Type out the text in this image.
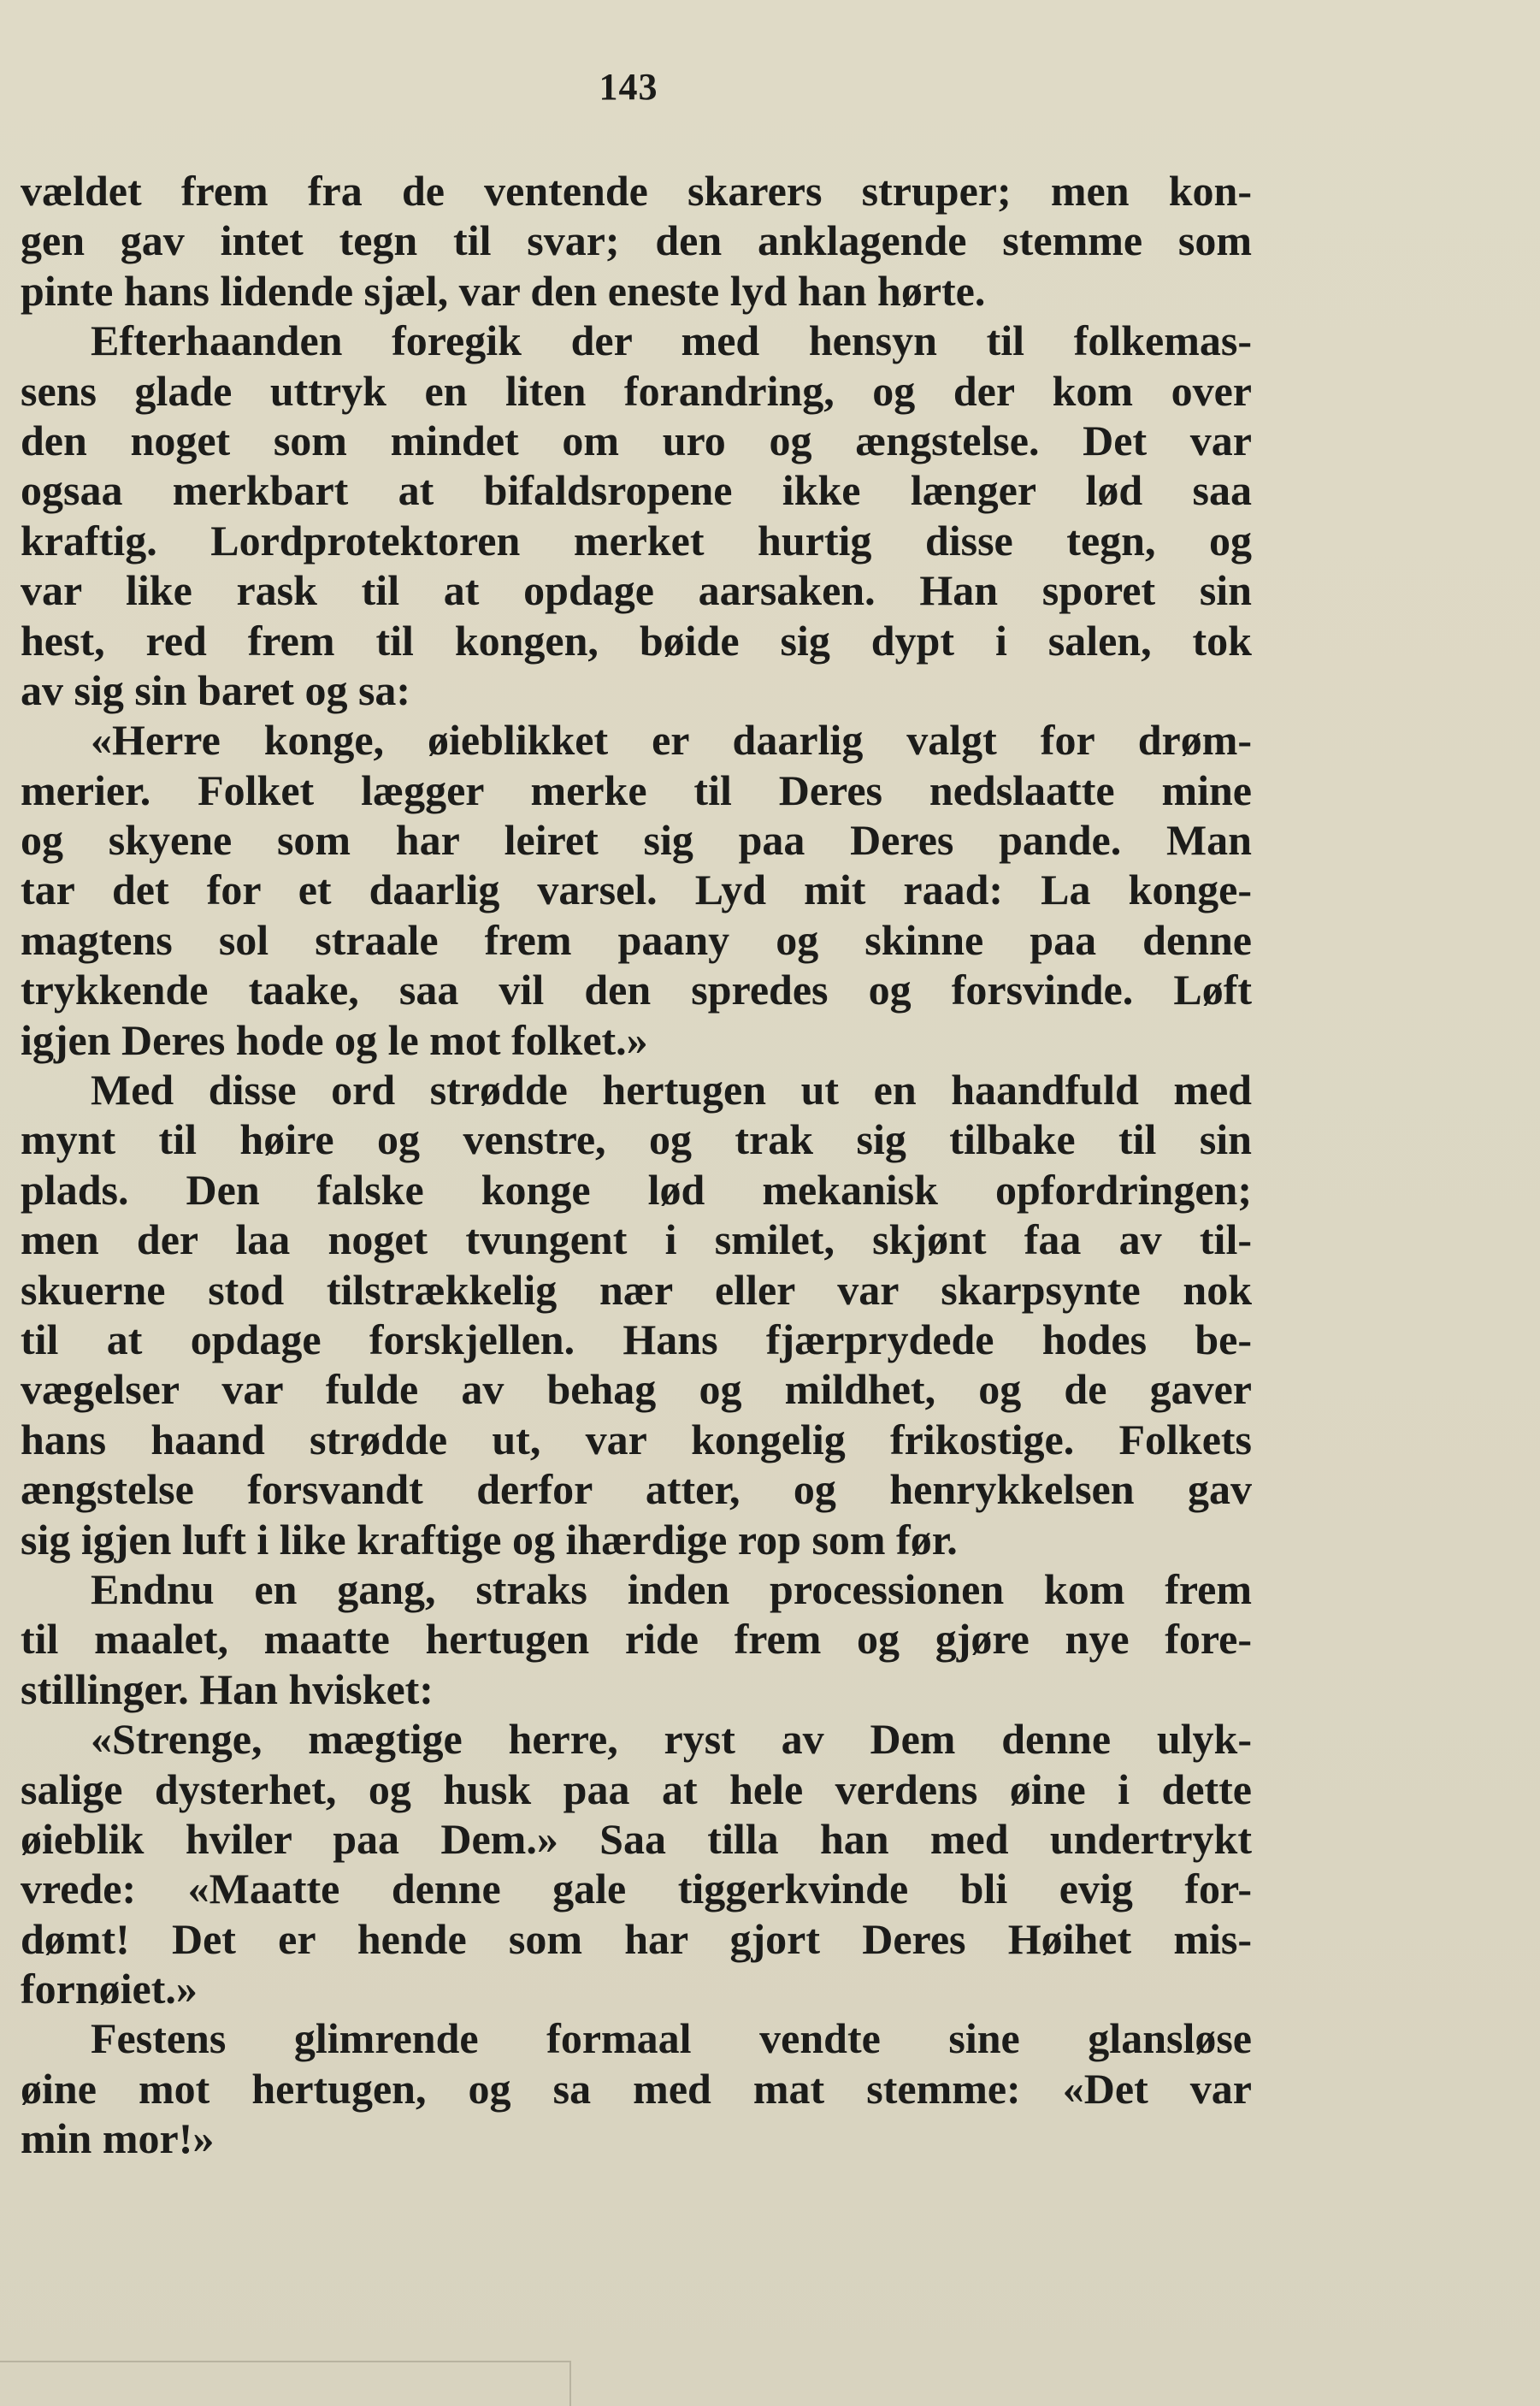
143
vældet frem fra de ventende skarers struper; men kon-
gen gav intet tegn til svar; den anklagende stemme som
pinte hans lidende sjæl, var den eneste lyd han hørte.
Efterhaanden foregik der med hensyn til folkemas-
sens glade uttryk en liten forandring, og der kom over
den noget som mindet om uro og ængstelse. Det var
ogsaa merkbart at bifaldsropene ikke længer lød saa
kraftig. Lordprotektoren merket hurtig disse tegn, og
var like rask til at opdage aarsaken. Han sporet sin
hest, red frem til kongen, bøide sig dypt i salen, tok
av sig sin baret og sa:
«Herre konge, øieblikket er daarlig valgt for drøm-
merier. Folket lægger merke til Deres nedslaatte mine
og skyene som har leiret sig paa Deres pande. Man
tar det for et daarlig varsel. Lyd mit raad: La konge-
magtens sol straale frem paany og skinne paa denne
trykkende taake, saa vil den spredes og forsvinde. Løft
igjen Deres hode og le mot folket.»
Med disse ord strødde hertugen ut en haandfuld med
mynt til høire og venstre, og trak sig tilbake til sin
plads. Den falske konge lød mekanisk opfordringen;
men der laa noget tvungent i smilet, skjønt faa av til-
skuerne stod tilstrækkelig nær eller var skarpsynte nok
til at opdage forskjellen. Hans fjærprydede hodes be-
vægelser var fulde av behag og mildhet, og de gaver
hans haand strødde ut, var kongelig frikostige. Folkets
ængstelse forsvandt derfor atter, og henrykkelsen gav
sig igjen luft i like kraftige og ihærdige rop som før.
Endnu en gang, straks inden processionen kom frem
til maalet, maatte hertugen ride frem og gjøre nye fore-
stillinger. Han hvisket:
«Strenge, mægtige herre, ryst av Dem denne ulyk-
salige dysterhet, og husk paa at hele verdens øine i dette
øieblik hviler paa Dem.» Saa tilla han med undertrykt
vrede: «Maatte denne gale tiggerkvinde bli evig for-
dømt! Det er hende som har gjort Deres Høihet mis-
fornøiet.»
Festens glimrende formaal vendte sine glansløse
øine mot hertugen, og sa med mat stemme: «Det var
min mor!»
